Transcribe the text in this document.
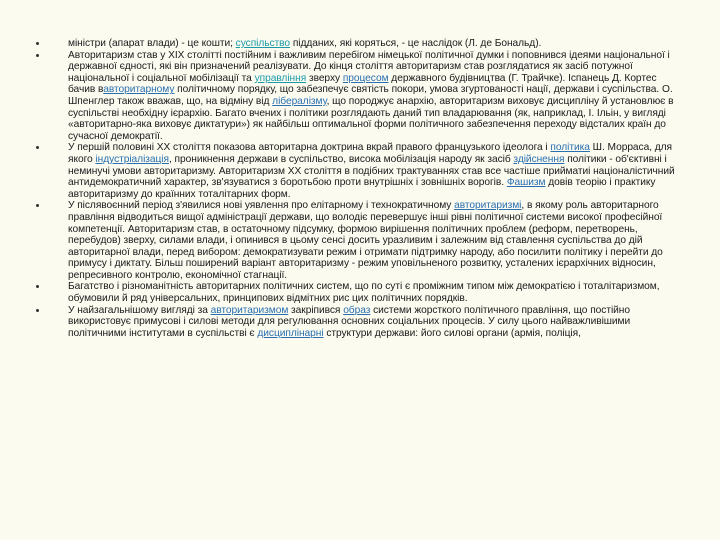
міністри (апарат влади) - це кошти; суспільство підданих, які коряться, - це наслідок (Л. де Бональд).
Авторитаризм став у ХІХ столітті постійним і важливим перебігом німецької політичної думки і поповнився ідеями національної і державної єдності, які він призначений реалізувати. До кінця століття авторитаризм став розглядатися як засіб потужної національної і соціальної мобілізації та управління зверху процесом державного будівництва (Г. Трайчке). Іспанець Д. Кортес бачив вавторитарному політичному порядку, що забезпечує святість покори, умова згуртованості нації, держави і суспільства. О. Шпенглер також вважав, що, на відміну від лібералізму, що породжує анархію, авторитаризм виховує дисципліну й установлює в суспільстві необхідну ієрархію. Багато вчених і політики розглядають даний тип владарювання (як, наприклад, І. Ільін, у вигляді «авторитарно-яка виховує диктатури») як найбільш оптимальної форми політичного забезпечення переходу відсталих країн до сучасної демократії.
У першій половині ХХ століття показова авторитарна доктрина вкрай правого французького ідеолога і політика Ш. Морраса, для якого індустріалізація, проникнення держави в суспільство, висока мобілізація народу як засіб здійснення політики - об'єктивні і неминучі умови авторитаризму. Авторитаризм ХХ століття в подібних трактуваннях став все частіше прийматиі націоналістичний антидемократичний характер, зв'язуватися з боротьбою проти внутрішніх і зовнішніх ворогів. Фашизм довів теорію і практику авторитаризму до країнних тоталітарних форм.
У післявоєнний період з'явилися нові уявлення про елітарному і технократичному авторитаризмі, в якому роль авторитарного правління відводиться вищої адміністрації держави, що володіє перевершує інші рівні політичної системи високої професійної компетенції. Авторитаризм став, в остаточному підсумку, формою вирішення політичних проблем (реформ, перетворень, перебудов) зверху, силами влади, і опинився в цьому сенсі досить уразливим і залежним від ставлення суспільства до дій авторитарної влади, перед вибором: демократизувати режим і отримати підтримку народу, або посилити політику і перейти до примусу і диктату. Більш поширений варіант авторитаризму - режим уповільненого розвитку, усталених ієрархічних відносин, репресивного контролю, економічної стагнації.
Багатство і різноманітність авторитарних політичних систем, що по суті є проміжним типом між демократією і тоталітаризмом, обумовили й ряд універсальних, принципових відмітних рис цих політичних порядків.
У найзагальнішому вигляді за авторитаризмом закріпився образ системи жорсткого політичного правління, що постійно використовує примусові і силові методи для регулювання основних соціальних процесів. У силу цього найважливішими політичними інститутами в суспільстві є дисциплінарні структури держави: його силові органи (армія, поліція,
